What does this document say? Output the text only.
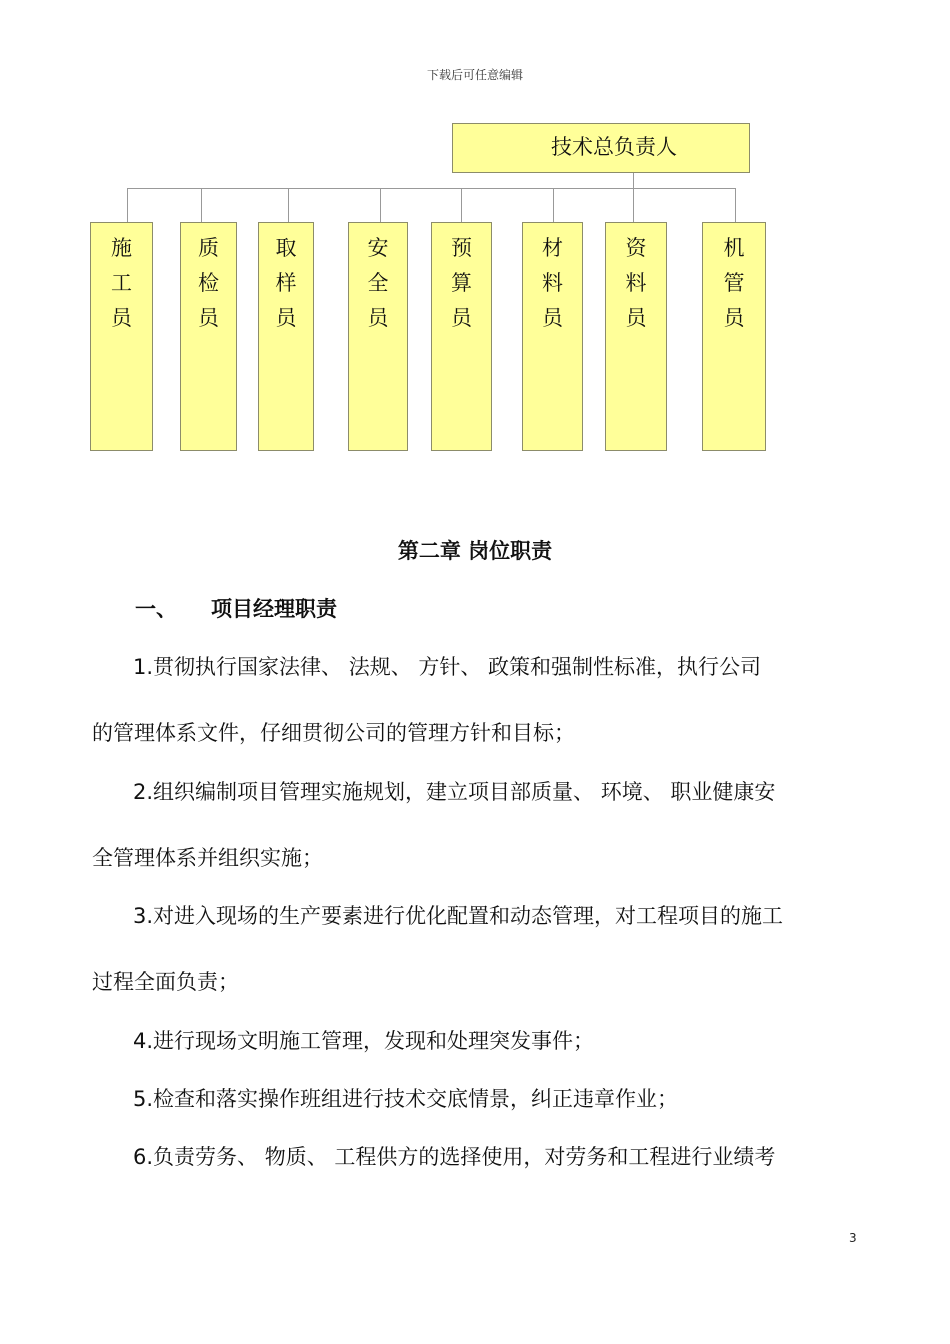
下载后可任意编辑
技术总负责人
施
工
员
质
检
员
取
样
员
安
全
员
预
算
员
材
料
员
资
料
员
机
管
员
第二章 岗位职责
一、 项目经理职责
1.贯彻执行国家法律、 法规、 方针、 政策和强制性标准，执行公司
的管理体系文件，仔细贯彻公司的管理方针和目标；
2.组织编制项目管理实施规划，建立项目部质量、 环境、 职业健康安
全管理体系并组织实施；
3.对进入现场的生产要素进行优化配置和动态管理，对工程项目的施工
过程全面负责；
4.进行现场文明施工管理，发现和处理突发事件；
5.检查和落实操作班组进行技术交底情景，纠正违章作业；
6.负责劳务、 物质、 工程供方的选择使用，对劳务和工程进行业绩考
3
